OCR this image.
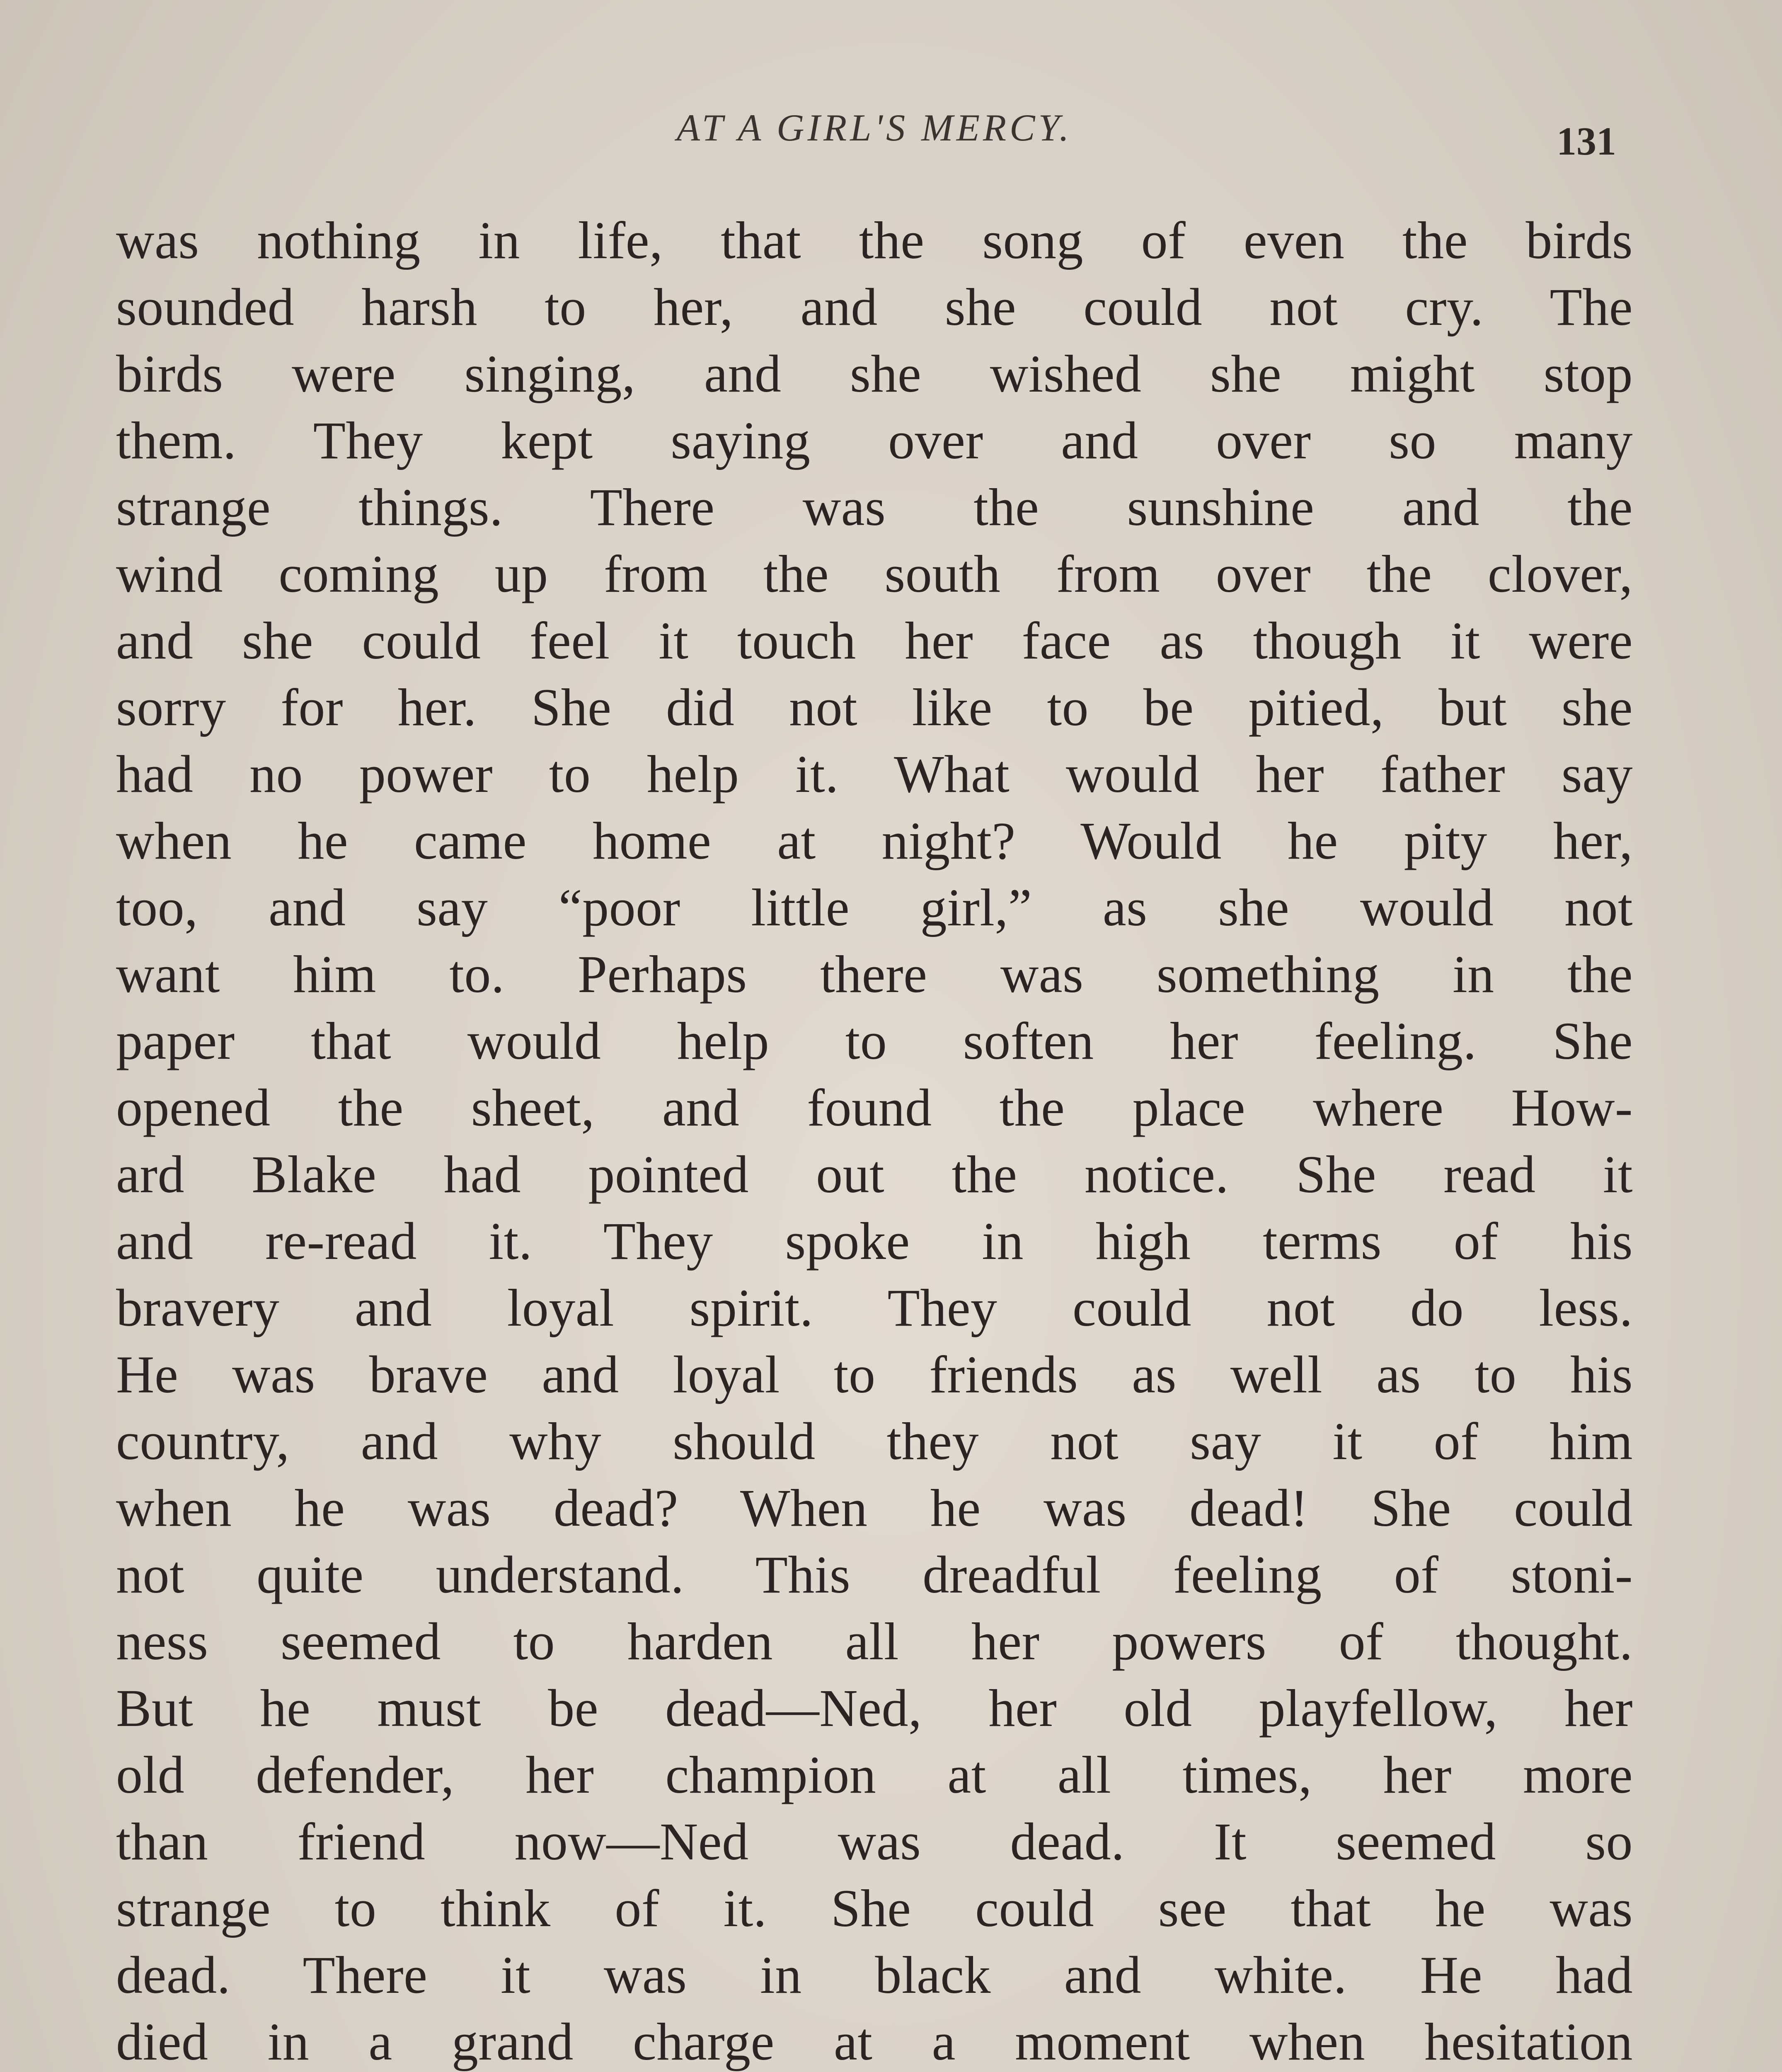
AT A GIRL'S MERCY.	131
was nothing in life, that the song of even the birds
sounded harsh to her, and she could not cry. The
birds were singing, and she wished she might stop
them. They kept saying over and over so many
strange things. There was the sunshine and the
wind coming up from the south from over the clover,
and she could feel it touch her face as though it were
sorry for her. She did not like to be pitied, but she
had no power to help it. What would her father say
when he came home at night? Would he pity her,
too, and say “poor little girl,” as she would not
want him to. Perhaps there was something in the
paper that would help to soften her feeling. She
opened the sheet, and found the place where How-
ard Blake had pointed out the notice. She read it
and re-read it. They spoke in high terms of his
bravery and loyal spirit. They could not do less.
He was brave and loyal to friends as well as to his
country, and why should they not say it of him
when he was dead? When he was dead! She could
not quite understand. This dreadful feeling of stoni-
ness seemed to harden all her powers of thought.
But he must be dead—Ned, her old playfellow, her
old defender, her champion at all times, her more
than friend now—Ned was dead. It seemed so
strange to think of it. She could see that he was
dead. There it was in black and white. He had
died in a grand charge at a moment when hesitation
